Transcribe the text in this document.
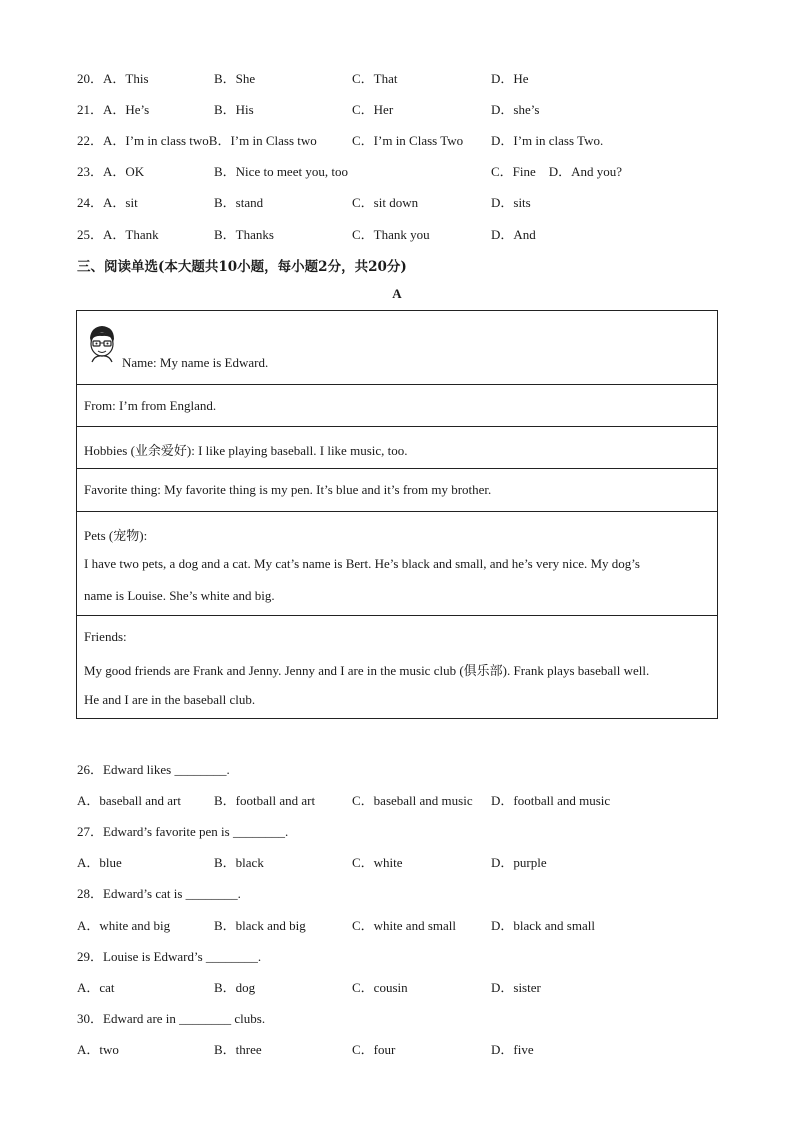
20．A．This	B．She	C．That	D．He
21．A．He’s	B．His	C．Her	D．she’s
22．A．I’m in class twoB．I’m in Class two	C．I’m in Class Two D．I’m in class Two.
23．A．OK	B．Nice to meet you, too	C．Fine　D．And you?
24．A．sit	B．stand	C．sit down	D．sits
25．A．Thank	B．Thanks	C．Thank you	D．And
三、阅读单选(本大题共10小题，每小题2分，共20分)
A
Name: My name is Edward.
From: I’m from England.
Hobbies (业余爱好): I like playing baseball. I like music, too.
Favorite thing: My favorite thing is my pen. It’s blue and it’s from my brother.
Pets (宠物):
I have two pets, a dog and a cat. My cat’s name is Bert. He’s black and small, and he’s very nice. My dog’s
name is Louise. She’s white and big.
Friends:
My good friends are Frank and Jenny. Jenny and I are in the music club (俱乐部). Frank plays baseball well.
He and I are in the baseball club.
26．Edward likes ________.
A．baseball and art	B．football and art	C．baseball and music D．football and music
27．Edward’s favorite pen is ________.
A．blue	B．black	C．white	D．purple
28．Edward’s cat is ________.
A．white and big	B．black and big	C．white and small	D．black and small
29．Louise is Edward’s ________.
A．cat	B．dog	C．cousin	D．sister
30．Edward are in ________ clubs.
A．two	B．three	C．four	D．five
